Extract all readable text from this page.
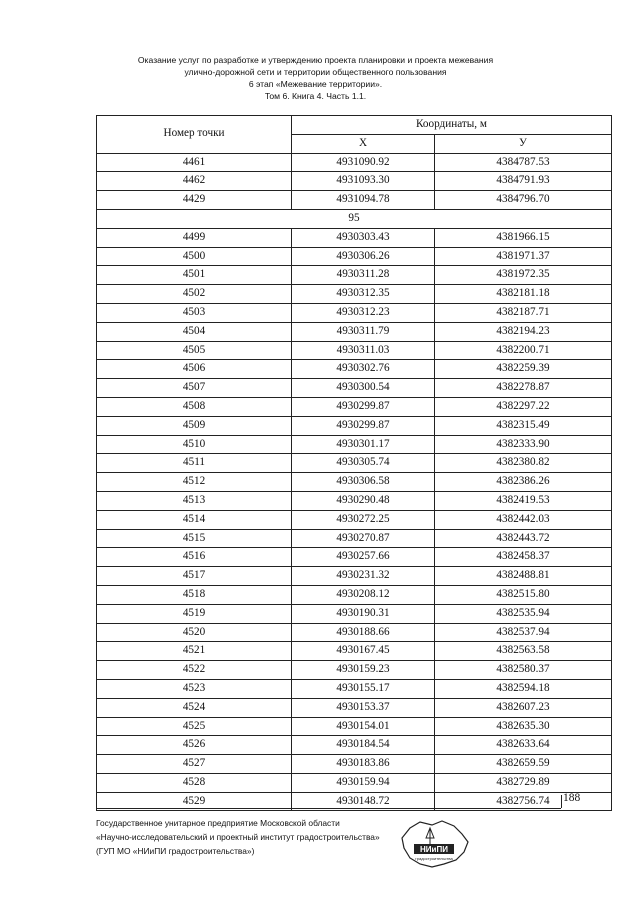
Оказание услуг по разработке и утверждению проекта планировки и проекта межевания
улично-дорожной сети и территории общественного пользования
6 этап «Межевание территории».
Том 6. Книга 4. Часть 1.1.
Номер точки	Координаты, м	
	X	У
4461	4931090.92	4384787.53
4462	4931093.30	4384791.93
4429	4931094.78	4384796.70
95		
4499	4930303.43	4381966.15
4500	4930306.26	4381971.37
4501	4930311.28	4381972.35
4502	4930312.35	4382181.18
4503	4930312.23	4382187.71
4504	4930311.79	4382194.23
4505	4930311.03	4382200.71
4506	4930302.76	4382259.39
4507	4930300.54	4382278.87
4508	4930299.87	4382297.22
4509	4930299.87	4382315.49
4510	4930301.17	4382333.90
4511	4930305.74	4382380.82
4512	4930306.58	4382386.26
4513	4930290.48	4382419.53
4514	4930272.25	4382442.03
4515	4930270.87	4382443.72
4516	4930257.66	4382458.37
4517	4930231.32	4382488.81
4518	4930208.12	4382515.80
4519	4930190.31	4382535.94
4520	4930188.66	4382537.94
4521	4930167.45	4382563.58
4522	4930159.23	4382580.37
4523	4930155.17	4382594.18
4524	4930153.37	4382607.23
4525	4930154.01	4382635.30
4526	4930184.54	4382633.64
4527	4930183.86	4382659.59
4528	4930159.94	4382729.89
4529	4930148.72	4382756.74 188
Государственное унитарное предприятие Московской области
«Научно-исследовательский и проектный институт градостроительства»
(ГУП МО «НИиПИ градостроительства»)	НИиПИ
градостроительства
